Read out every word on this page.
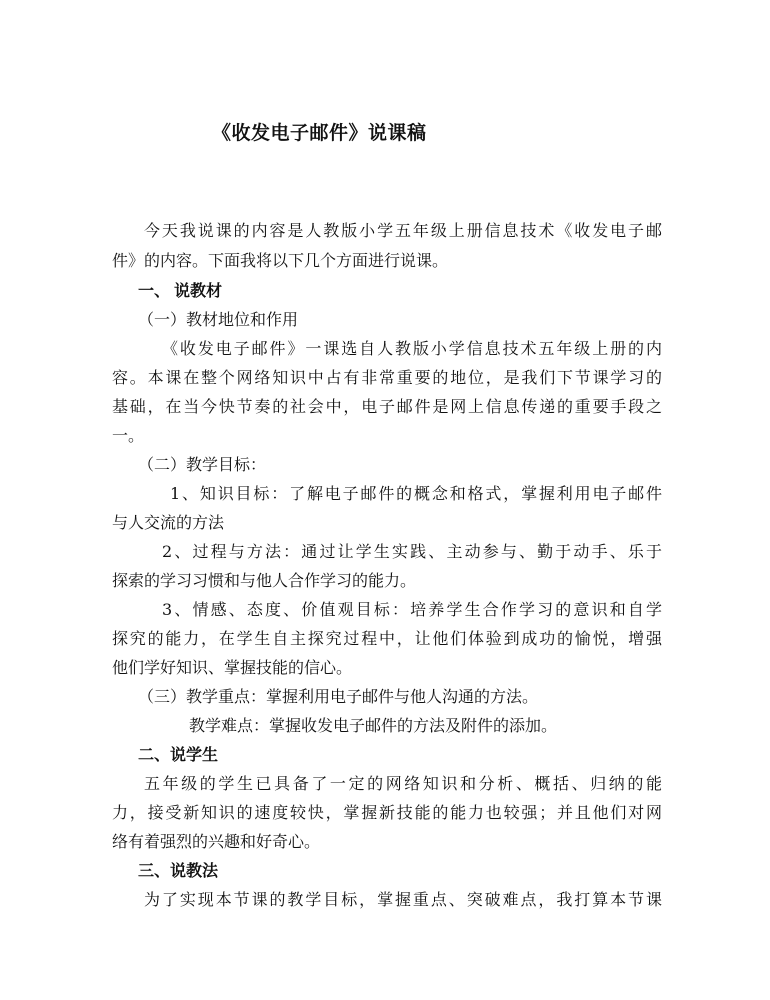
《收发电子邮件》说课稿

今天我说课的内容是人教版小学五年级上册信息技术《收发电子邮

件》的内容。下面我将以下几个方面进行说课。

一、 说教材

（一）教材地位和作用

《收发电子邮件》一课选自人教版小学信息技术五年级上册的内

容。本课在整个网络知识中占有非常重要的地位，是我们下节课学习的

基础，在当今快节奏的社会中，电子邮件是网上信息传递的重要手段之

一。

（二）教学目标：

1、知识目标：了解电子邮件的概念和格式，掌握利用电子邮件

与人交流的方法

2、过程与方法：通过让学生实践、主动参与、勤于动手、乐于

探索的学习习惯和与他人合作学习的能力。

3、情感、态度、价值观目标：培养学生合作学习的意识和自学

探究的能力，在学生自主探究过程中，让他们体验到成功的愉悦，增强

他们学好知识、掌握技能的信心。

（三）教学重点：掌握利用电子邮件与他人沟通的方法。

教学难点：掌握收发电子邮件的方法及附件的添加。

二、说学生

五年级的学生已具备了一定的网络知识和分析、概括、归纳的能

力，接受新知识的速度较快，掌握新技能的能力也较强；并且他们对网

络有着强烈的兴趣和好奇心。

三、说教法

为了实现本节课的教学目标，掌握重点、突破难点，我打算本节课
